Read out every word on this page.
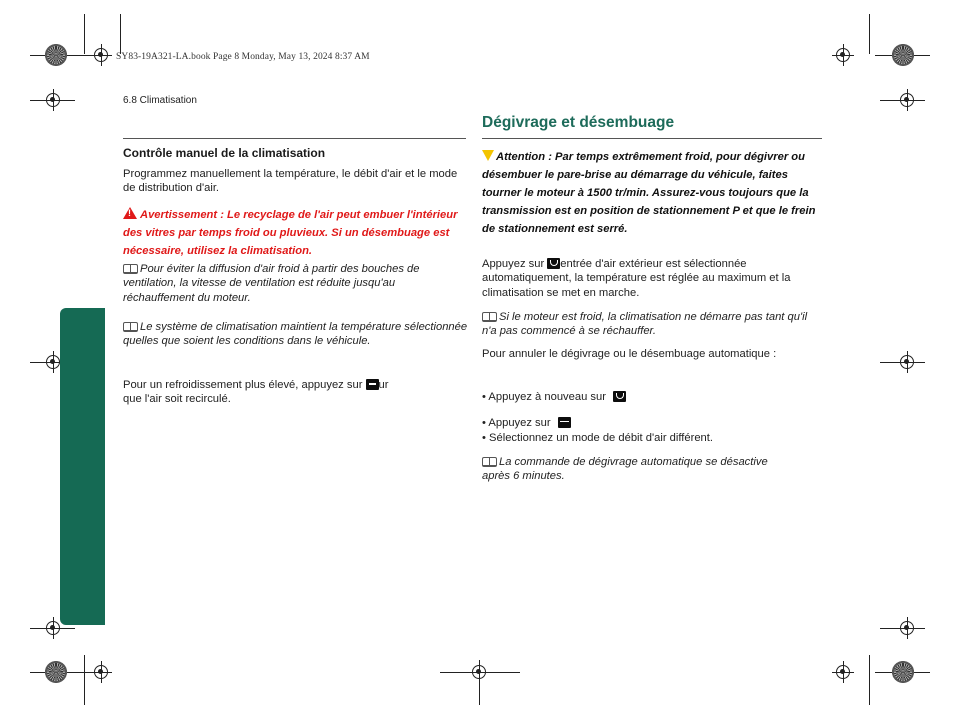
SY83-19A321-LA.book Page 8 Monday, May 13, 2024 8:37 AM
6.8 Climatisation
Contrôle manuel de la climatisation
Programmez manuellement la température, le débit d'air et le mode de distribution d'air.
!Avertissement : Le recyclage de l'air peut embuer l'intérieur des vitres par temps froid ou pluvieux. Si un désembuage est nécessaire, utilisez la climatisation.
Pour éviter la diffusion d'air froid à partir des bouches de ventilation, la vitesse de ventilation est réduite jusqu'au réchauffement du moteur.
Le système de climatisation maintient la température sélectionnée quelles que soient les conditions dans le véhicule.
Pour un refroidissement plus élevé, appuyez sur ur
que l'air soit recirculé.
Dégivrage et désembuage
Attention : Par temps extrêmement froid, pour dégivrer ou désembuer le pare-brise au démarrage du véhicule, faites tourner le moteur à 1500 tr/min. Assurez-vous toujours que la transmission est en position de stationnement P et que le frein de stationnement est serré.
Appuyez sur entrée d'air extérieur est sélectionnée automatiquement, la température est réglée au maximum et la climatisation se met en marche.
Si le moteur est froid, la climatisation ne démarre pas tant qu'il n'a pas commencé à se réchauffer.
Pour annuler le dégivrage ou le désembuage automatique :
• Appuyez à nouveau sur
• Appuyez sur
• Sélectionnez un mode de débit d'air différent.
La commande de dégivrage automatique se désactive après 6 minutes.
